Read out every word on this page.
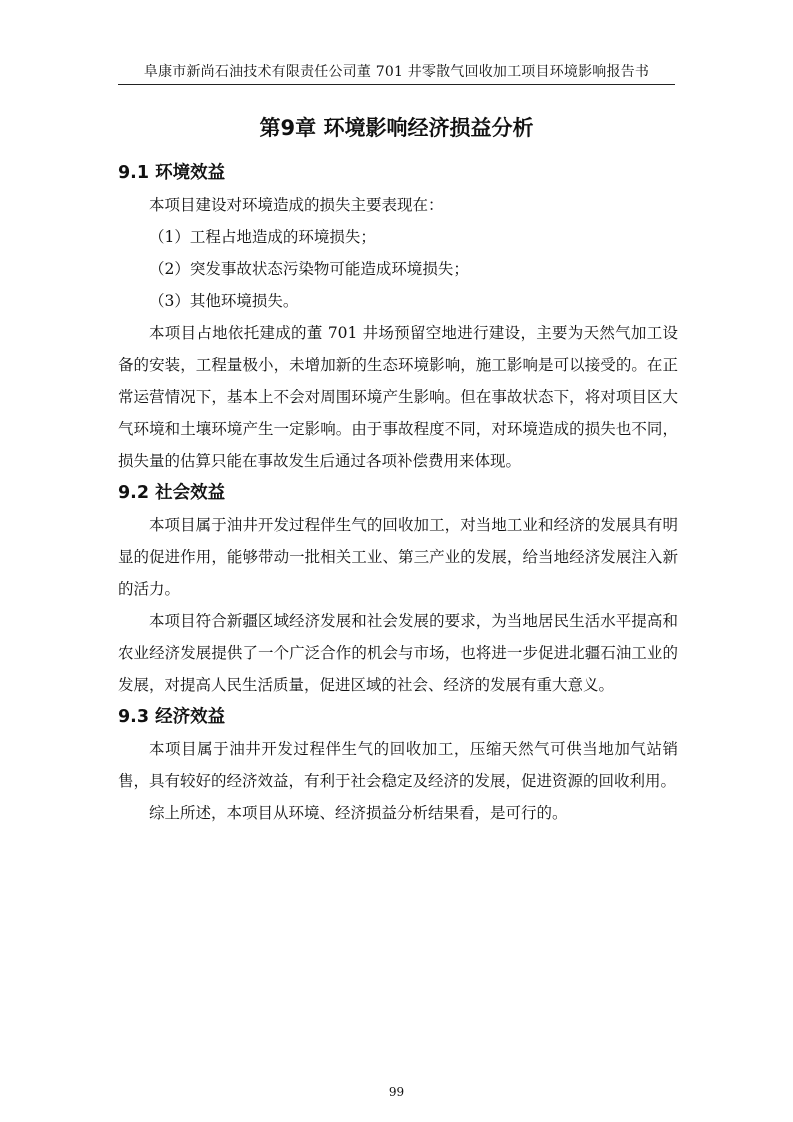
阜康市新尚石油技术有限责任公司董 701 井零散气回收加工项目环境影响报告书
第9章 环境影响经济损益分析
9.1 环境效益

本项目建设对环境造成的损失主要表现在：

（1）工程占地造成的环境损失；

（2）突发事故状态污染物可能造成环境损失；

（3）其他环境损失。

本项目占地依托建成的董 701 井场预留空地进行建设，主要为天然气加工设备的安装，工程量极小，未增加新的生态环境影响，施工影响是可以接受的。在正常运营情况下，基本上不会对周围环境产生影响。但在事故状态下，将对项目区大气环境和土壤环境产生一定影响。由于事故程度不同，对环境造成的损失也不同，损失量的估算只能在事故发生后通过各项补偿费用来体现。

9.2 社会效益

本项目属于油井开发过程伴生气的回收加工，对当地工业和经济的发展具有明显的促进作用，能够带动一批相关工业、第三产业的发展，给当地经济发展注入新的活力。

本项目符合新疆区域经济发展和社会发展的要求，为当地居民生活水平提高和农业经济发展提供了一个广泛合作的机会与市场，也将进一步促进北疆石油工业的发展，对提高人民生活质量，促进区域的社会、经济的发展有重大意义。

9.3 经济效益

本项目属于油井开发过程伴生气的回收加工，压缩天然气可供当地加气站销售，具有较好的经济效益，有利于社会稳定及经济的发展，促进资源的回收利用。

综上所述，本项目从环境、经济损益分析结果看，是可行的。

99
